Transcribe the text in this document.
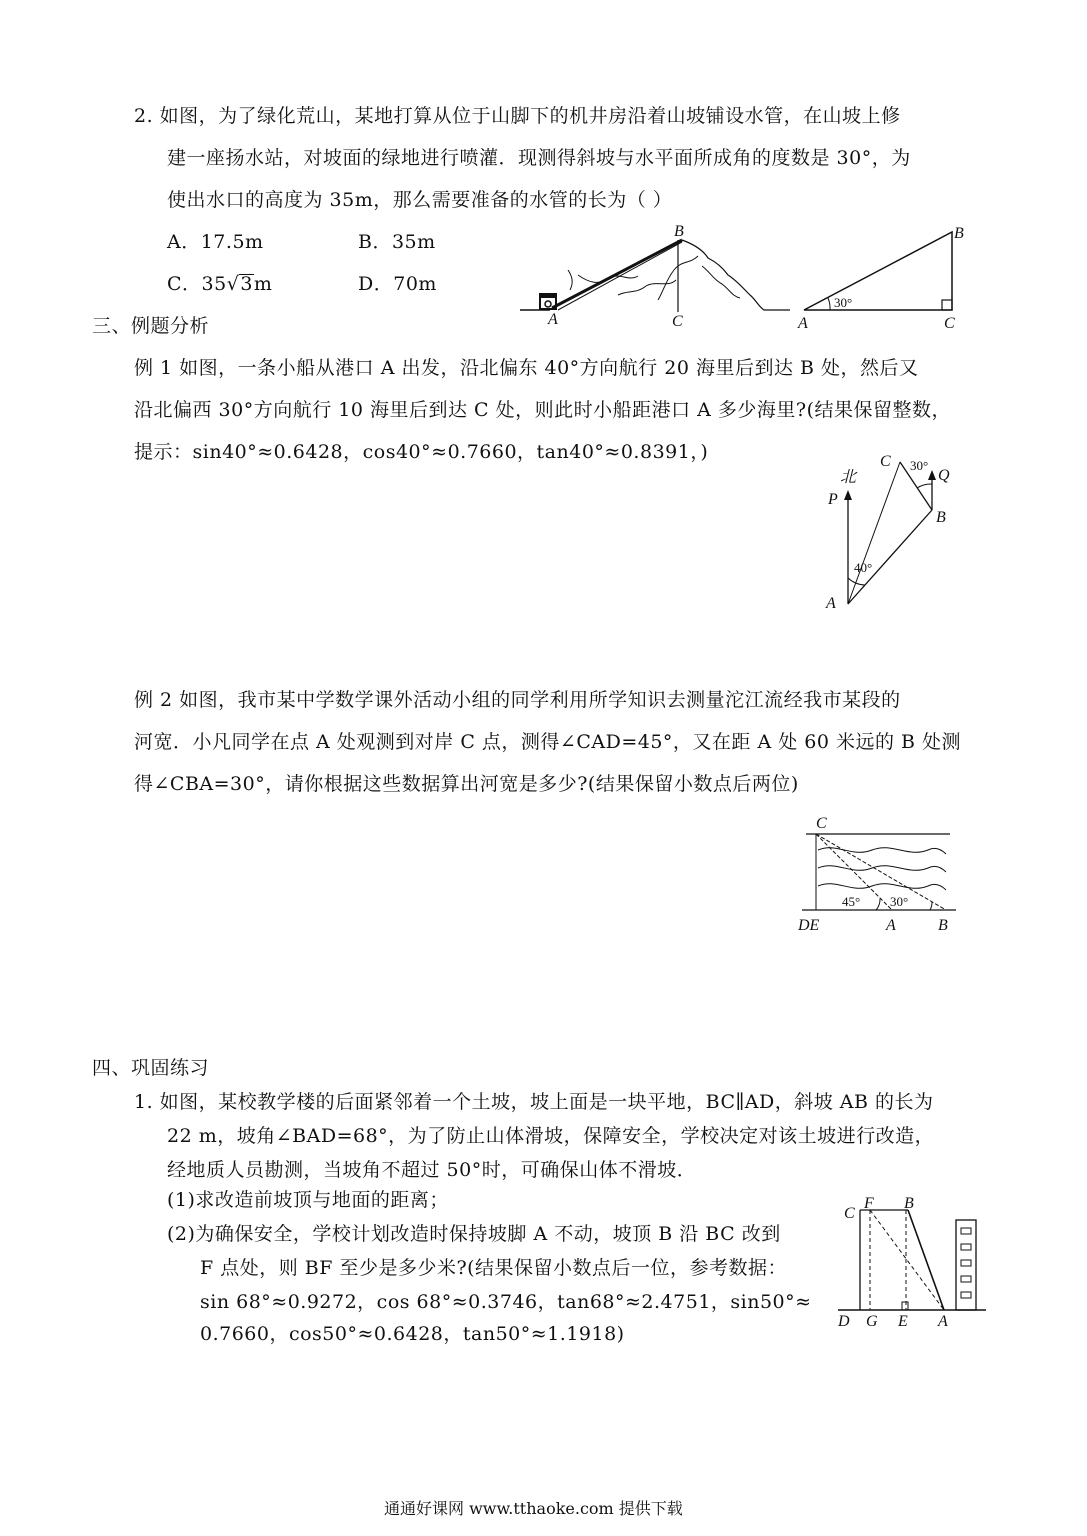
2. 如图，为了绿化荒山，某地打算从位于山脚下的机井房沿着山坡铺设水管，在山坡上修
建一座扬水站，对坡面的绿地进行喷灌．现测得斜坡与水平面所成角的度数是 30°，为
使出水口的高度为 35m，那么需要准备的水管的长为（ ）
A．17.5m	B．35m
C．35√3m	D．70m
A
B
C	A
B
C
30°
三、例题分析
例 1 如图，一条小船从港口 A 出发，沿北偏东 40°方向航行 20 海里后到达 B 处，然后又
沿北偏西 30°方向航行 10 海里后到达 C 处，则此时小船距港口 A 多少海里?(结果保留整数，
提示：sin40°≈0.6428，cos40°≈0.7660，tan40°≈0.8391，)
北
P
C 30°
Q
B
40°
A
例 2 如图，我市某中学数学课外活动小组的同学利用所学知识去测量沱江流经我市某段的
河宽．小凡同学在点 A 处观测到对岸 C 点，测得∠CAD=45°，又在距 A 处 60 米远的 B 处测
得∠CBA=30°，请你根据这些数据算出河宽是多少?(结果保留小数点后两位)
C
45° 30°
DE	A	B
四、巩固练习
1. 如图，某校教学楼的后面紧邻着一个土坡，坡上面是一块平地，BC∥AD，斜坡 AB 的长为
22 m，坡角∠BAD=68°，为了防止山体滑坡，保障安全，学校决定对该土坡进行改造，
经地质人员勘测，当坡角不超过 50°时，可确保山体不滑坡．
(1)求改造前坡顶与地面的距离；
(2)为确保安全，学校计划改造时保持坡脚 A 不动，坡顶 B 沿 BC 改到
F 点处，则 BF 至少是多少米?(结果保留小数点后一位，参考数据：
sin 68°≈0.9272，cos 68°≈0.3746，tan68°≈2.4751，sin50°≈
0.7660，cos50°≈0.6428，tan50°≈1.1918)
C
F B
D G E A
通通好课网 www.tthaoke.com 提供下载
